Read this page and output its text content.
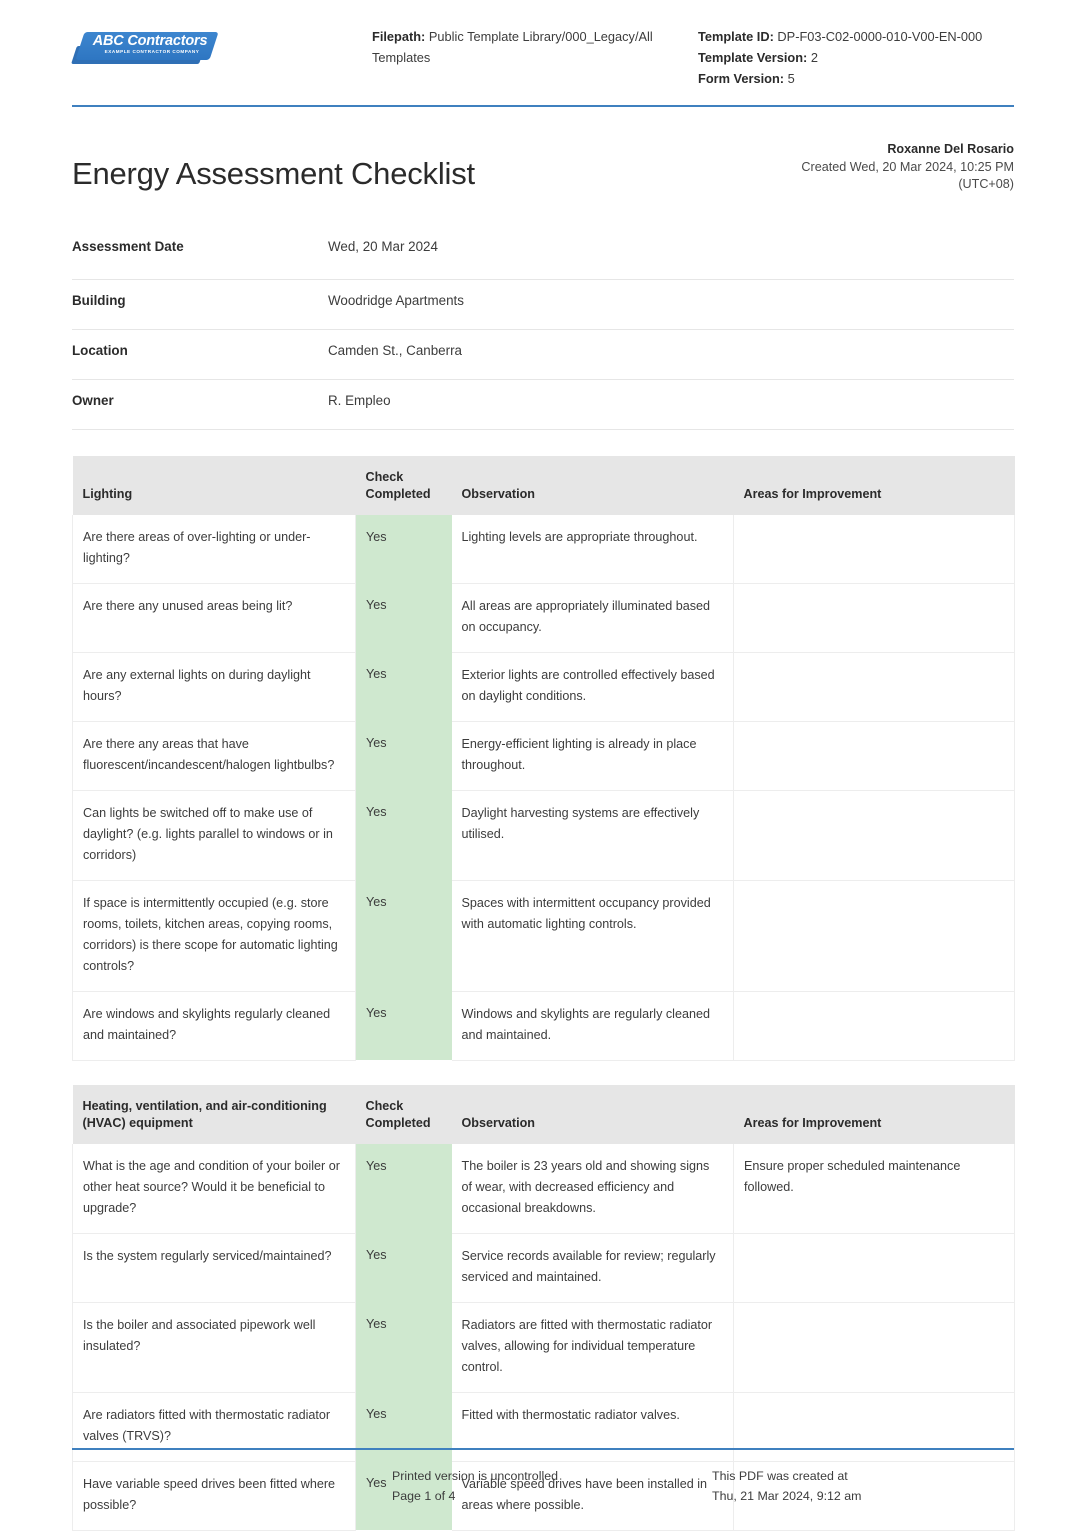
ABC Contractors
EXAMPLE CONTRACTOR COMPANY
Filepath: Public Template Library/000_Legacy/All Templates
Template ID: DP-F03-C02-0000-010-V00-EN-000
Template Version: 2
Form Version: 5
Energy Assessment Checklist
Roxanne Del Rosario
Created Wed, 20 Mar 2024, 10:25 PM
(UTC+08)
Assessment Date	Wed, 20 Mar 2024
Building	Woodridge Apartments
Location	Camden St., Canberra
Owner	R. Empleo
Lighting	Check Completed	Observation	Areas for Improvement
Are there areas of over-lighting or under-lighting?	Yes	Lighting levels are appropriate throughout.	
Are there any unused areas being lit?	Yes	All areas are appropriately illuminated based on occupancy.	
Are any external lights on during daylight hours?	Yes	Exterior lights are controlled effectively based on daylight conditions.	
Are there any areas that have fluorescent/incandescent/halogen lightbulbs?	Yes	Energy-efficient lighting is already in place throughout.	
Can lights be switched off to make use of daylight? (e.g. lights parallel to windows or in corridors)	Yes	Daylight harvesting systems are effectively utilised.	
If space is intermittently occupied (e.g. store rooms, toilets, kitchen areas, copying rooms, corridors) is there scope for automatic lighting controls?	Yes	Spaces with intermittent occupancy provided with automatic lighting controls.	
Are windows and skylights regularly cleaned and maintained?	Yes	Windows and skylights are regularly cleaned and maintained.	
Heating, ventilation, and air-conditioning (HVAC) equipment	Check Completed	Observation	Areas for Improvement
What is the age and condition of your boiler or other heat source? Would it be beneficial to upgrade?	Yes	The boiler is 23 years old and showing signs of wear, with decreased efficiency and occasional breakdowns.	Ensure proper scheduled maintenance followed.
Is the system regularly serviced/maintained?	Yes	Service records available for review; regularly serviced and maintained.	
Is the boiler and associated pipework well insulated?	Yes	Radiators are fitted with thermostatic radiator valves, allowing for individual temperature control.	
Are radiators fitted with thermostatic radiator valves (TRVS)?	Yes	Fitted with thermostatic radiator valves.	
Have variable speed drives been fitted where possible?	Yes	Variable speed drives have been installed in areas where possible.	
Printed version is uncontrolled
Page 1 of 4
This PDF was created at
Thu, 21 Mar 2024, 9:12 am
